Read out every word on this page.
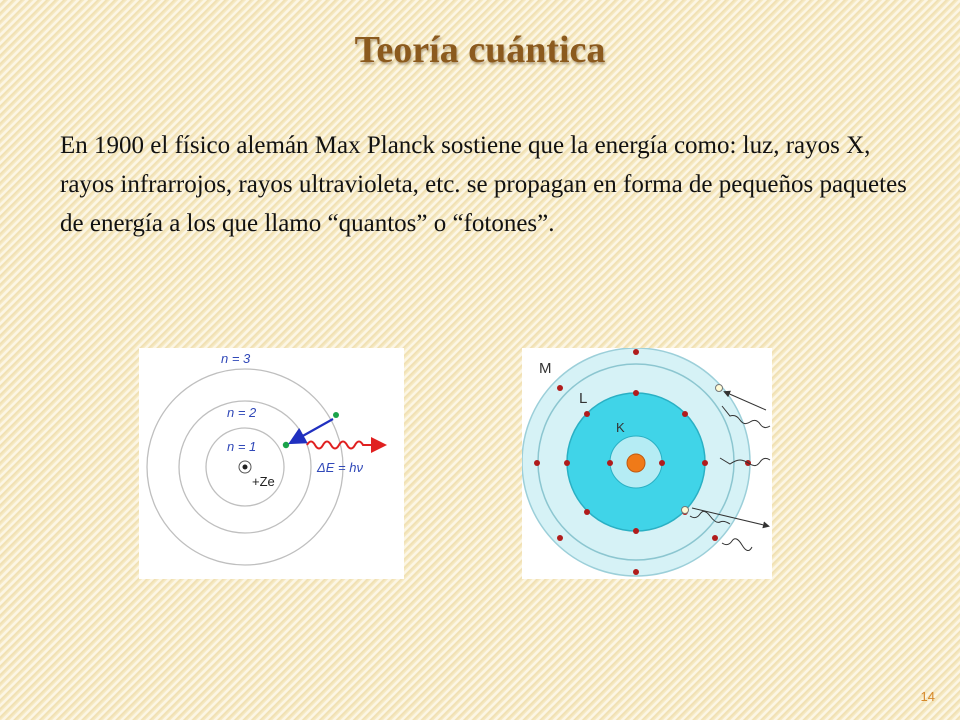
Teoría cuántica
En 1900 el físico alemán Max Planck sostiene que la energía como: luz, rayos X, rayos infrarrojos, rayos ultravioleta, etc. se propagan en forma de pequeños paquetes de energía a los que llamo “quantos” o “fotones”.
n = 3
n = 2
n = 1
+Ze
ΔE = hν
M
L
K
14
